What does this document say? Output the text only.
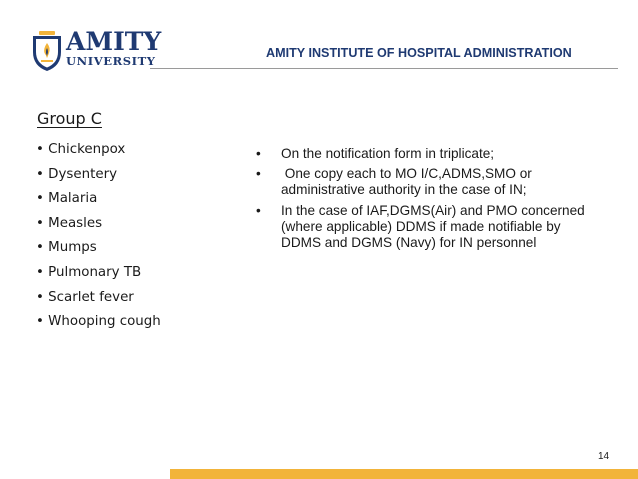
AMITY
UNIVERSITY
AMITY INSTITUTE OF HOSPITAL ADMINISTRATION
Group C
• Chickenpox
• Dysentery
• Malaria
• Measles
• Mumps
• Pulmonary TB
• Scarlet fever
• Whooping cough
• On the notification form in triplicate;
• One copy each to MO I/C,ADMS,SMO or administrative authority in the case of IN;
• In the case of IAF,DGMS(Air) and PMO concerned (where applicable) DDMS if made notifiable by DDMS and DGMS (Navy) for IN personnel
14
